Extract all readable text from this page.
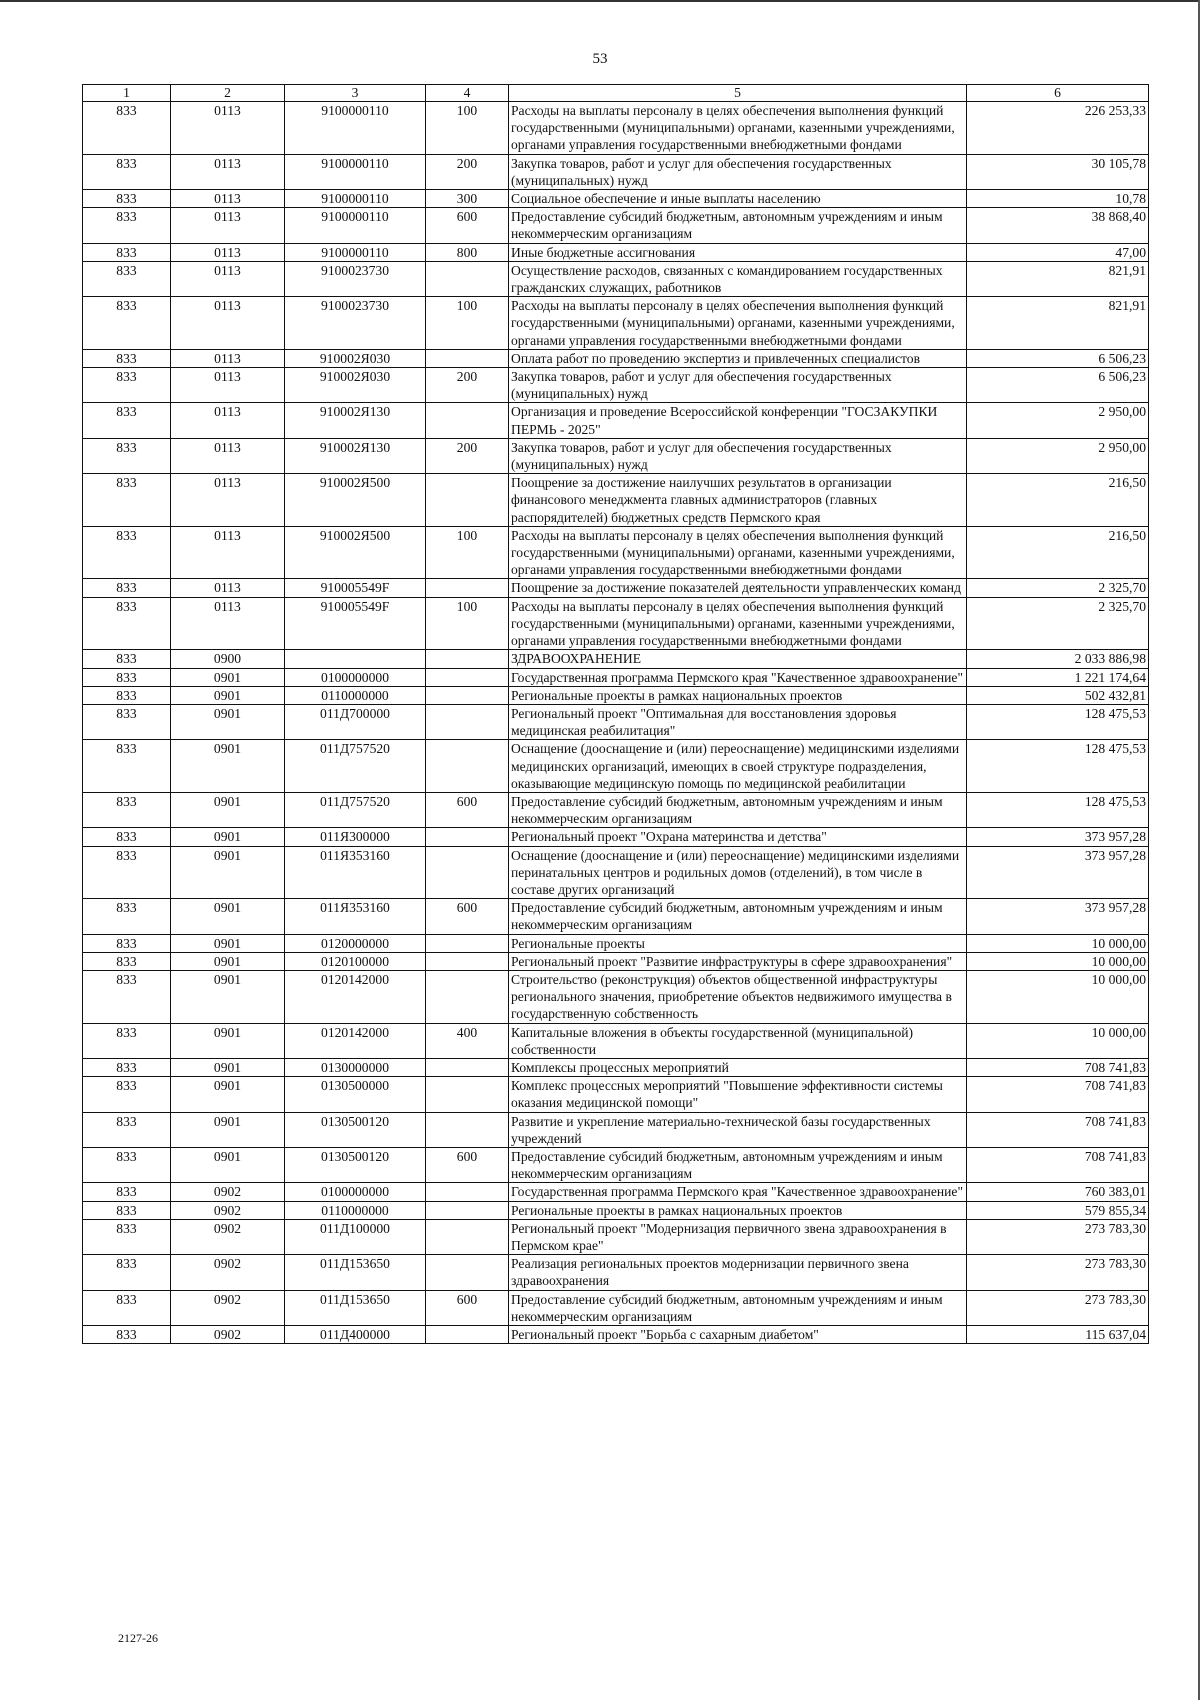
53
1	2	3	4	5	6
833	0113	9100000110	100	Расходы на выплаты персоналу в целях обеспечения выполнения функций государственными (муниципальными) органами, казенными учреждениями, органами управления государственными внебюджетными фондами	226 253,33
833	0113	9100000110	200	Закупка товаров, работ и услуг для обеспечения государственных (муниципальных) нужд	30 105,78
833	0113	9100000110	300	Социальное обеспечение и иные выплаты населению	10,78
833	0113	9100000110	600	Предоставление субсидий бюджетным, автономным учреждениям и иным некоммерческим организациям	38 868,40
833	0113	9100000110	800	Иные бюджетные ассигнования	47,00
833	0113	9100023730		Осуществление расходов, связанных с командированием государственных гражданских служащих, работников	821,91
833	0113	9100023730	100	Расходы на выплаты персоналу в целях обеспечения выполнения функций государственными (муниципальными) органами, казенными учреждениями, органами управления государственными внебюджетными фондами	821,91
833	0113	910002Я030		Оплата работ по проведению экспертиз и привлеченных специалистов	6 506,23
833	0113	910002Я030	200	Закупка товаров, работ и услуг для обеспечения государственных (муниципальных) нужд	6 506,23
833	0113	910002Я130		Организация и проведение Всероссийской конференции "ГОСЗАКУПКИ ПЕРМЬ - 2025"	2 950,00
833	0113	910002Я130	200	Закупка товаров, работ и услуг для обеспечения государственных (муниципальных) нужд	2 950,00
833	0113	910002Я500		Поощрение за достижение наилучших результатов в организации финансового менеджмента главных администраторов (главных распорядителей) бюджетных средств Пермского края	216,50
833	0113	910002Я500	100	Расходы на выплаты персоналу в целях обеспечения выполнения функций государственными (муниципальными) органами, казенными учреждениями, органами управления государственными внебюджетными фондами	216,50
833	0113	910005549F		Поощрение за достижение показателей деятельности управленческих команд	2 325,70
833	0113	910005549F	100	Расходы на выплаты персоналу в целях обеспечения выполнения функций государственными (муниципальными) органами, казенными учреждениями, органами управления государственными внебюджетными фондами	2 325,70
833	0900			ЗДРАВООХРАНЕНИЕ	2 033 886,98
833	0901	0100000000		Государственная программа Пермского края "Качественное здравоохранение"	1 221 174,64
833	0901	0110000000		Региональные проекты в рамках национальных проектов	502 432,81
833	0901	011Д700000		Региональный проект "Оптимальная для восстановления здоровья медицинская реабилитация"	128 475,53
833	0901	011Д757520		Оснащение (дооснащение и (или) переоснащение) медицинскими изделиями медицинских организаций, имеющих в своей структуре подразделения, оказывающие медицинскую помощь по медицинской реабилитации	128 475,53
833	0901	011Д757520	600	Предоставление субсидий бюджетным, автономным учреждениям и иным некоммерческим организациям	128 475,53
833	0901	011Я300000		Региональный проект "Охрана материнства и детства"	373 957,28
833	0901	011Я353160		Оснащение (дооснащение и (или) переоснащение) медицинскими изделиями перинатальных центров и родильных домов (отделений), в том числе в составе других организаций	373 957,28
833	0901	011Я353160	600	Предоставление субсидий бюджетным, автономным учреждениям и иным некоммерческим организациям	373 957,28
833	0901	0120000000		Региональные проекты	10 000,00
833	0901	0120100000		Региональный проект "Развитие инфраструктуры в сфере здравоохранения"	10 000,00
833	0901	0120142000		Строительство (реконструкция) объектов общественной инфраструктуры регионального значения, приобретение объектов недвижимого имущества в государственную собственность	10 000,00
833	0901	0120142000	400	Капитальные вложения в объекты государственной (муниципальной) собственности	10 000,00
833	0901	0130000000		Комплексы процессных мероприятий	708 741,83
833	0901	0130500000		Комплекс процессных мероприятий "Повышение эффективности системы оказания медицинской помощи"	708 741,83
833	0901	0130500120		Развитие и укрепление материально-технической базы государственных учреждений	708 741,83
833	0901	0130500120	600	Предоставление субсидий бюджетным, автономным учреждениям и иным некоммерческим организациям	708 741,83
833	0902	0100000000		Государственная программа Пермского края "Качественное здравоохранение"	760 383,01
833	0902	0110000000		Региональные проекты в рамках национальных проектов	579 855,34
833	0902	011Д100000		Региональный проект "Модернизация первичного звена здравоохранения в Пермском крае"	273 783,30
833	0902	011Д153650		Реализация региональных проектов модернизации первичного звена здравоохранения	273 783,30
833	0902	011Д153650	600	Предоставление субсидий бюджетным, автономным учреждениям и иным некоммерческим организациям	273 783,30
833	0902	011Д400000		Региональный проект "Борьба с сахарным диабетом"	115 637,04
2127-26
